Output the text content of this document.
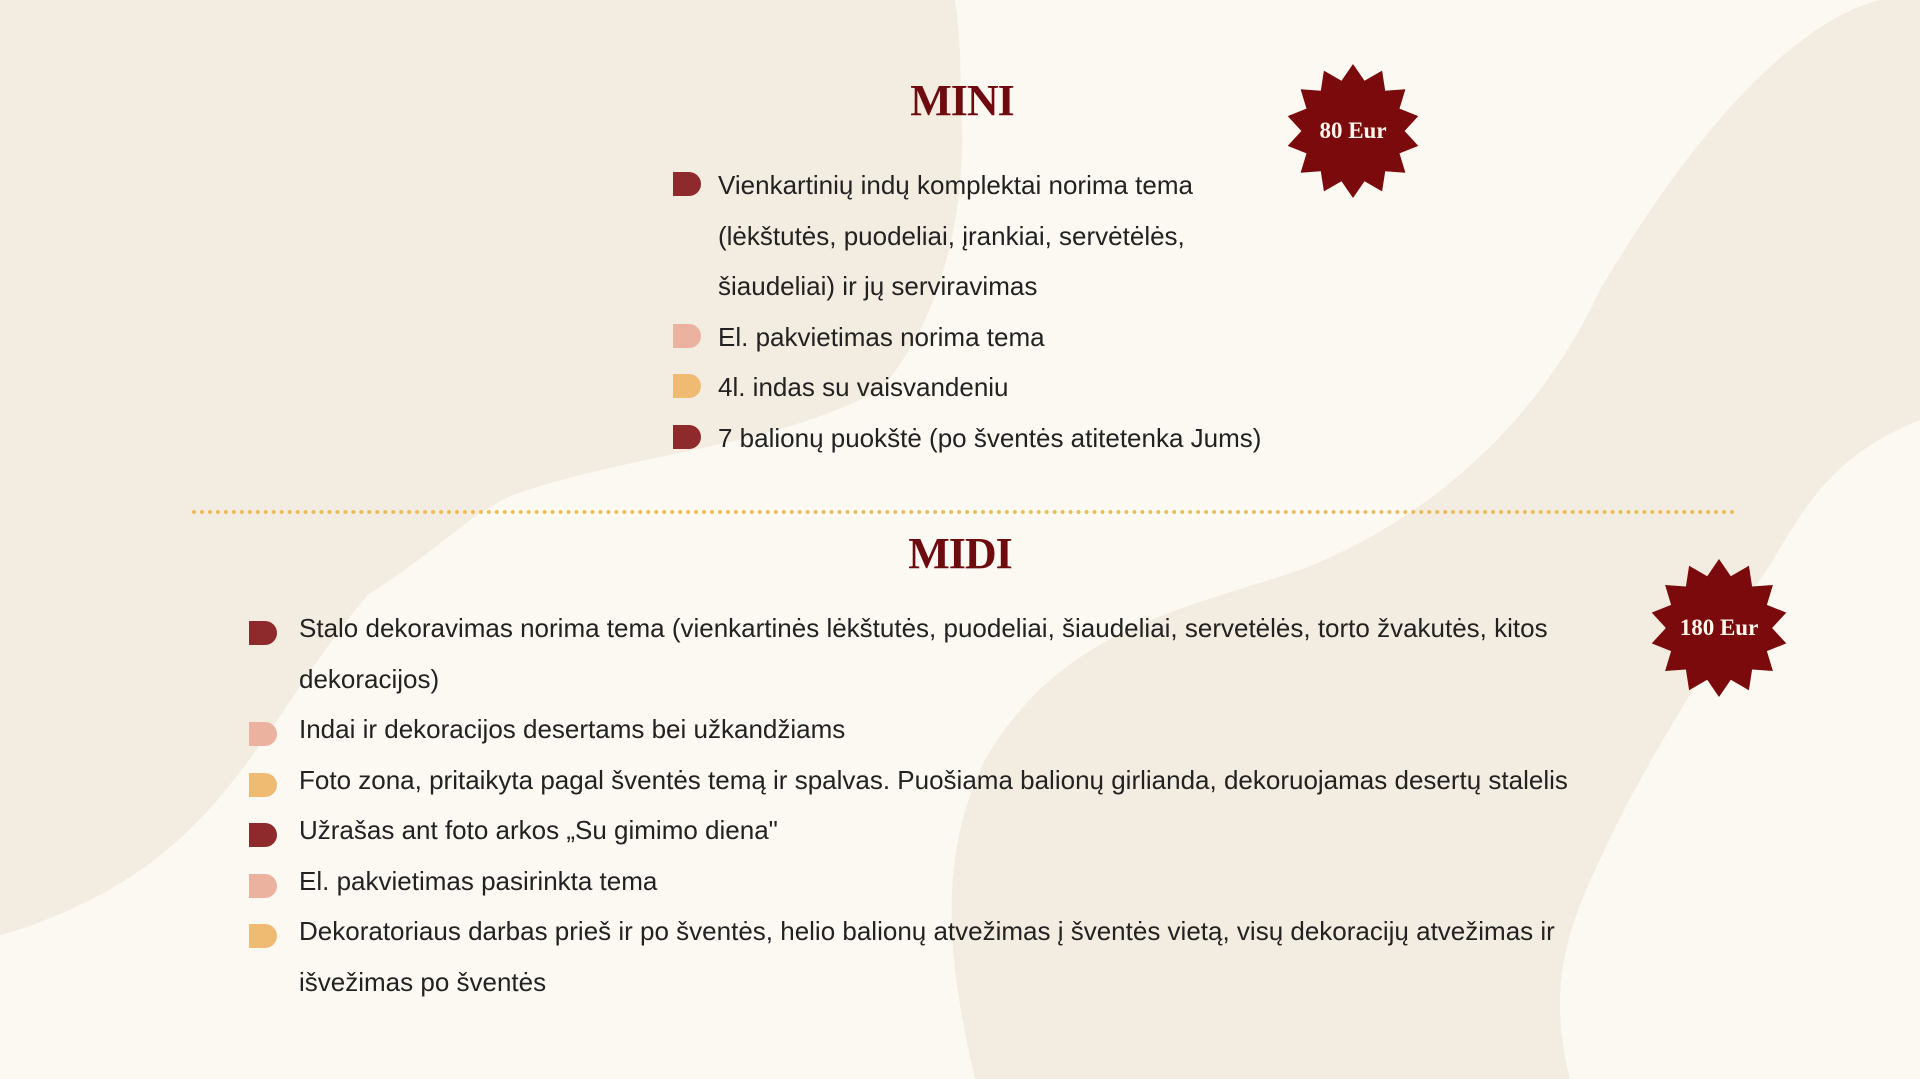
MINI
80 Eur
Vienkartinių indų komplektai norima tema
(lėkštutės, puodeliai, įrankiai, servėtėlės,
šiaudeliai) ir jų serviravimas
El. pakvietimas norima tema
4l. indas su vaisvandeniu
7 balionų puokštė (po šventės atitetenka Jums)
MIDI
180 Eur
Stalo dekoravimas norima tema (vienkartinės lėkštutės, puodeliai, šiaudeliai, servetėlės, torto žvakutės, kitos
dekoracijos)
Indai ir dekoracijos desertams bei užkandžiams
Foto zona, pritaikyta pagal šventės temą ir spalvas. Puošiama balionų girlianda, dekoruojamas desertų stalelis
Užrašas ant foto arkos „Su gimimo diena"
El. pakvietimas pasirinkta tema
Dekoratoriaus darbas prieš ir po šventės, helio balionų atvežimas į šventės vietą, visų dekoracijų atvežimas ir
išvežimas po šventės
